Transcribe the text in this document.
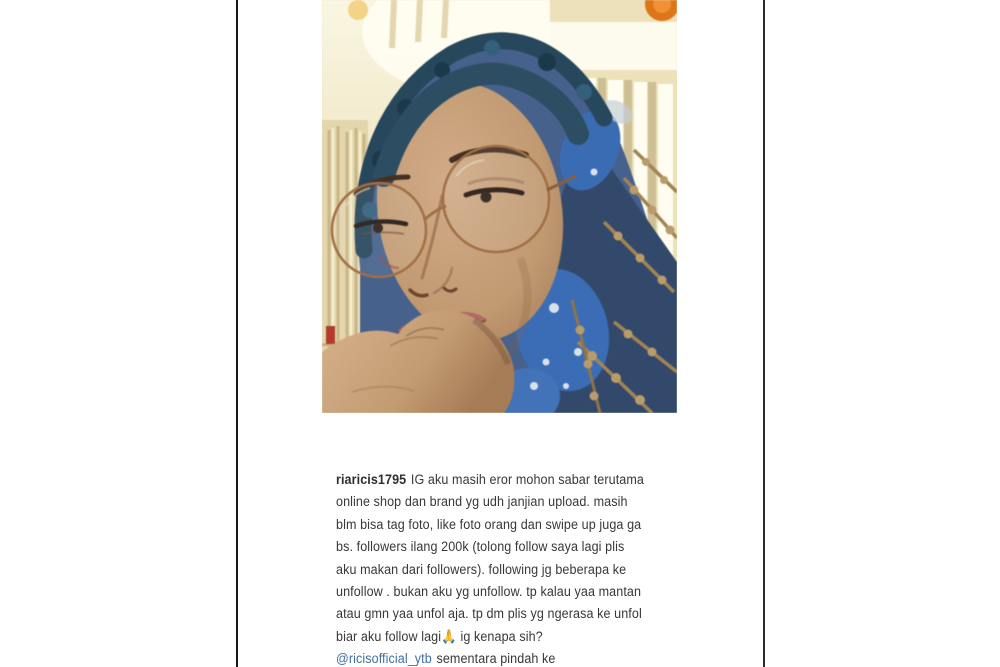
riaricis1795 IG aku masih eror mohon sabar terutama
online shop dan brand yg udh janjian upload. masih
blm bisa tag foto, like foto orang dan swipe up juga ga
bs. followers ilang 200k (tolong follow saya lagi plis
aku makan dari followers). following jg beberapa ke
unfollow . bukan aku yg unfollow. tp kalau yaa mantan
atau gmn yaa unfol aja. tp dm plis yg ngerasa ke unfol
biar aku follow lagi🙏 ig kenapa sih?
@ricisofficial_ytb sementara pindah ke
